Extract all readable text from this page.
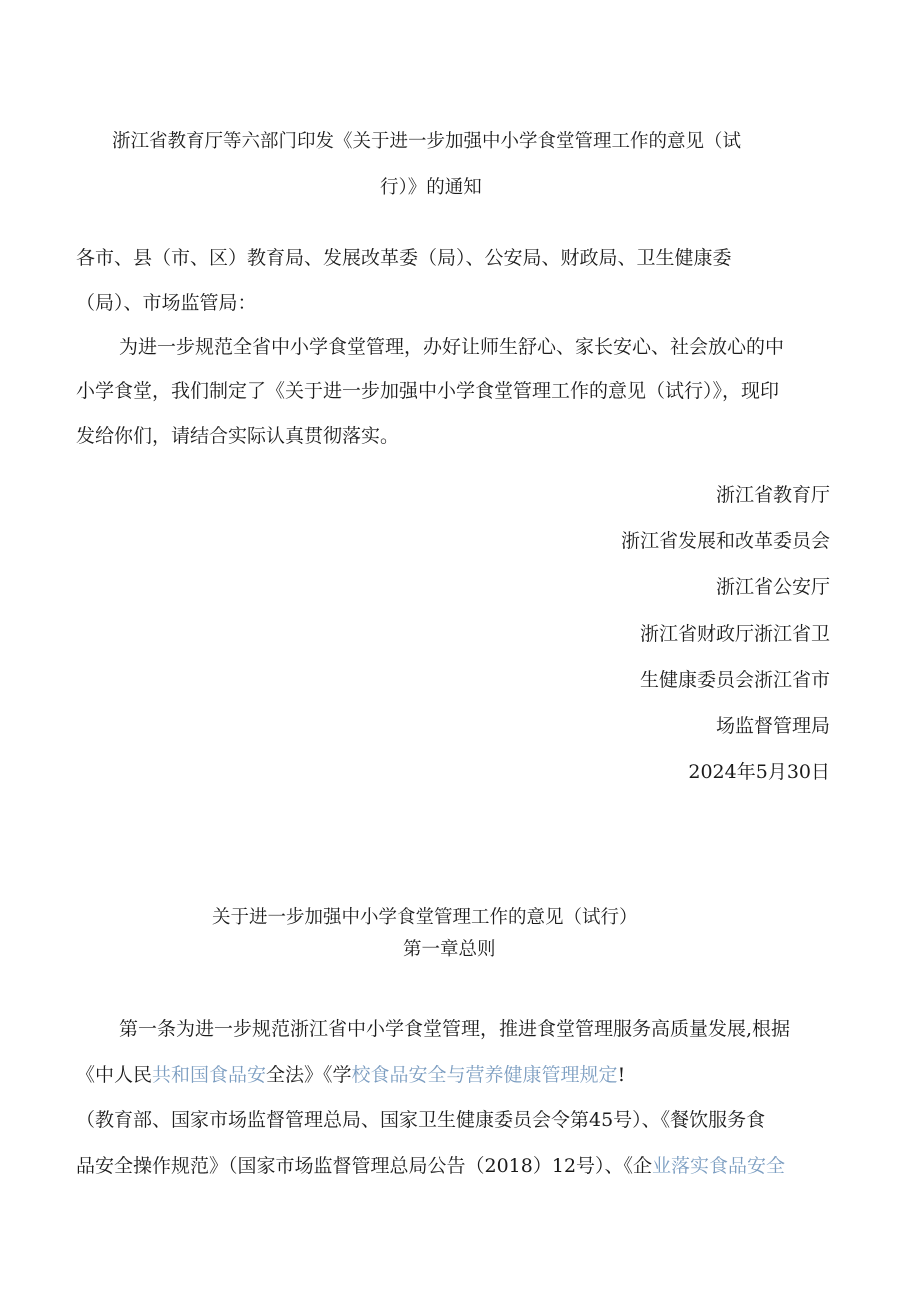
浙江省教育厅等六部门印发《关于进一步加强中小学食堂管理工作的意见（试
行）》的通知
各市、县（市、区）教育局、发展改革委（局）、公安局、财政局、卫生健康委
（局）、市场监管局：
为进一步规范全省中小学食堂管理，办好让师生舒心、家长安心、社会放心的中
小学食堂，我们制定了《关于进一步加强中小学食堂管理工作的意见（试行）》，现印
发给你们，请结合实际认真贯彻落实。
浙江省教育厅
浙江省发展和改革委员会
浙江省公安厅
浙江省财政厅浙江省卫
生健康委员会浙江省市
场监督管理局
2024年5月30日
关于进一步加强中小学食堂管理工作的意见（试行）
第一章总则
第一条为进一步规范浙江省中小学食堂管理，推进食堂管理服务高质量发展,根据
《中人民共和国食品安全法》《学校食品安全与营养健康管理规定!
（教育部、国家市场监督管理总局、国家卫生健康委员会令第45号）、《餐饮服务食
品安全操作规范》（国家市场监督管理总局公告（2018）12号）、《企业落实食品安全
